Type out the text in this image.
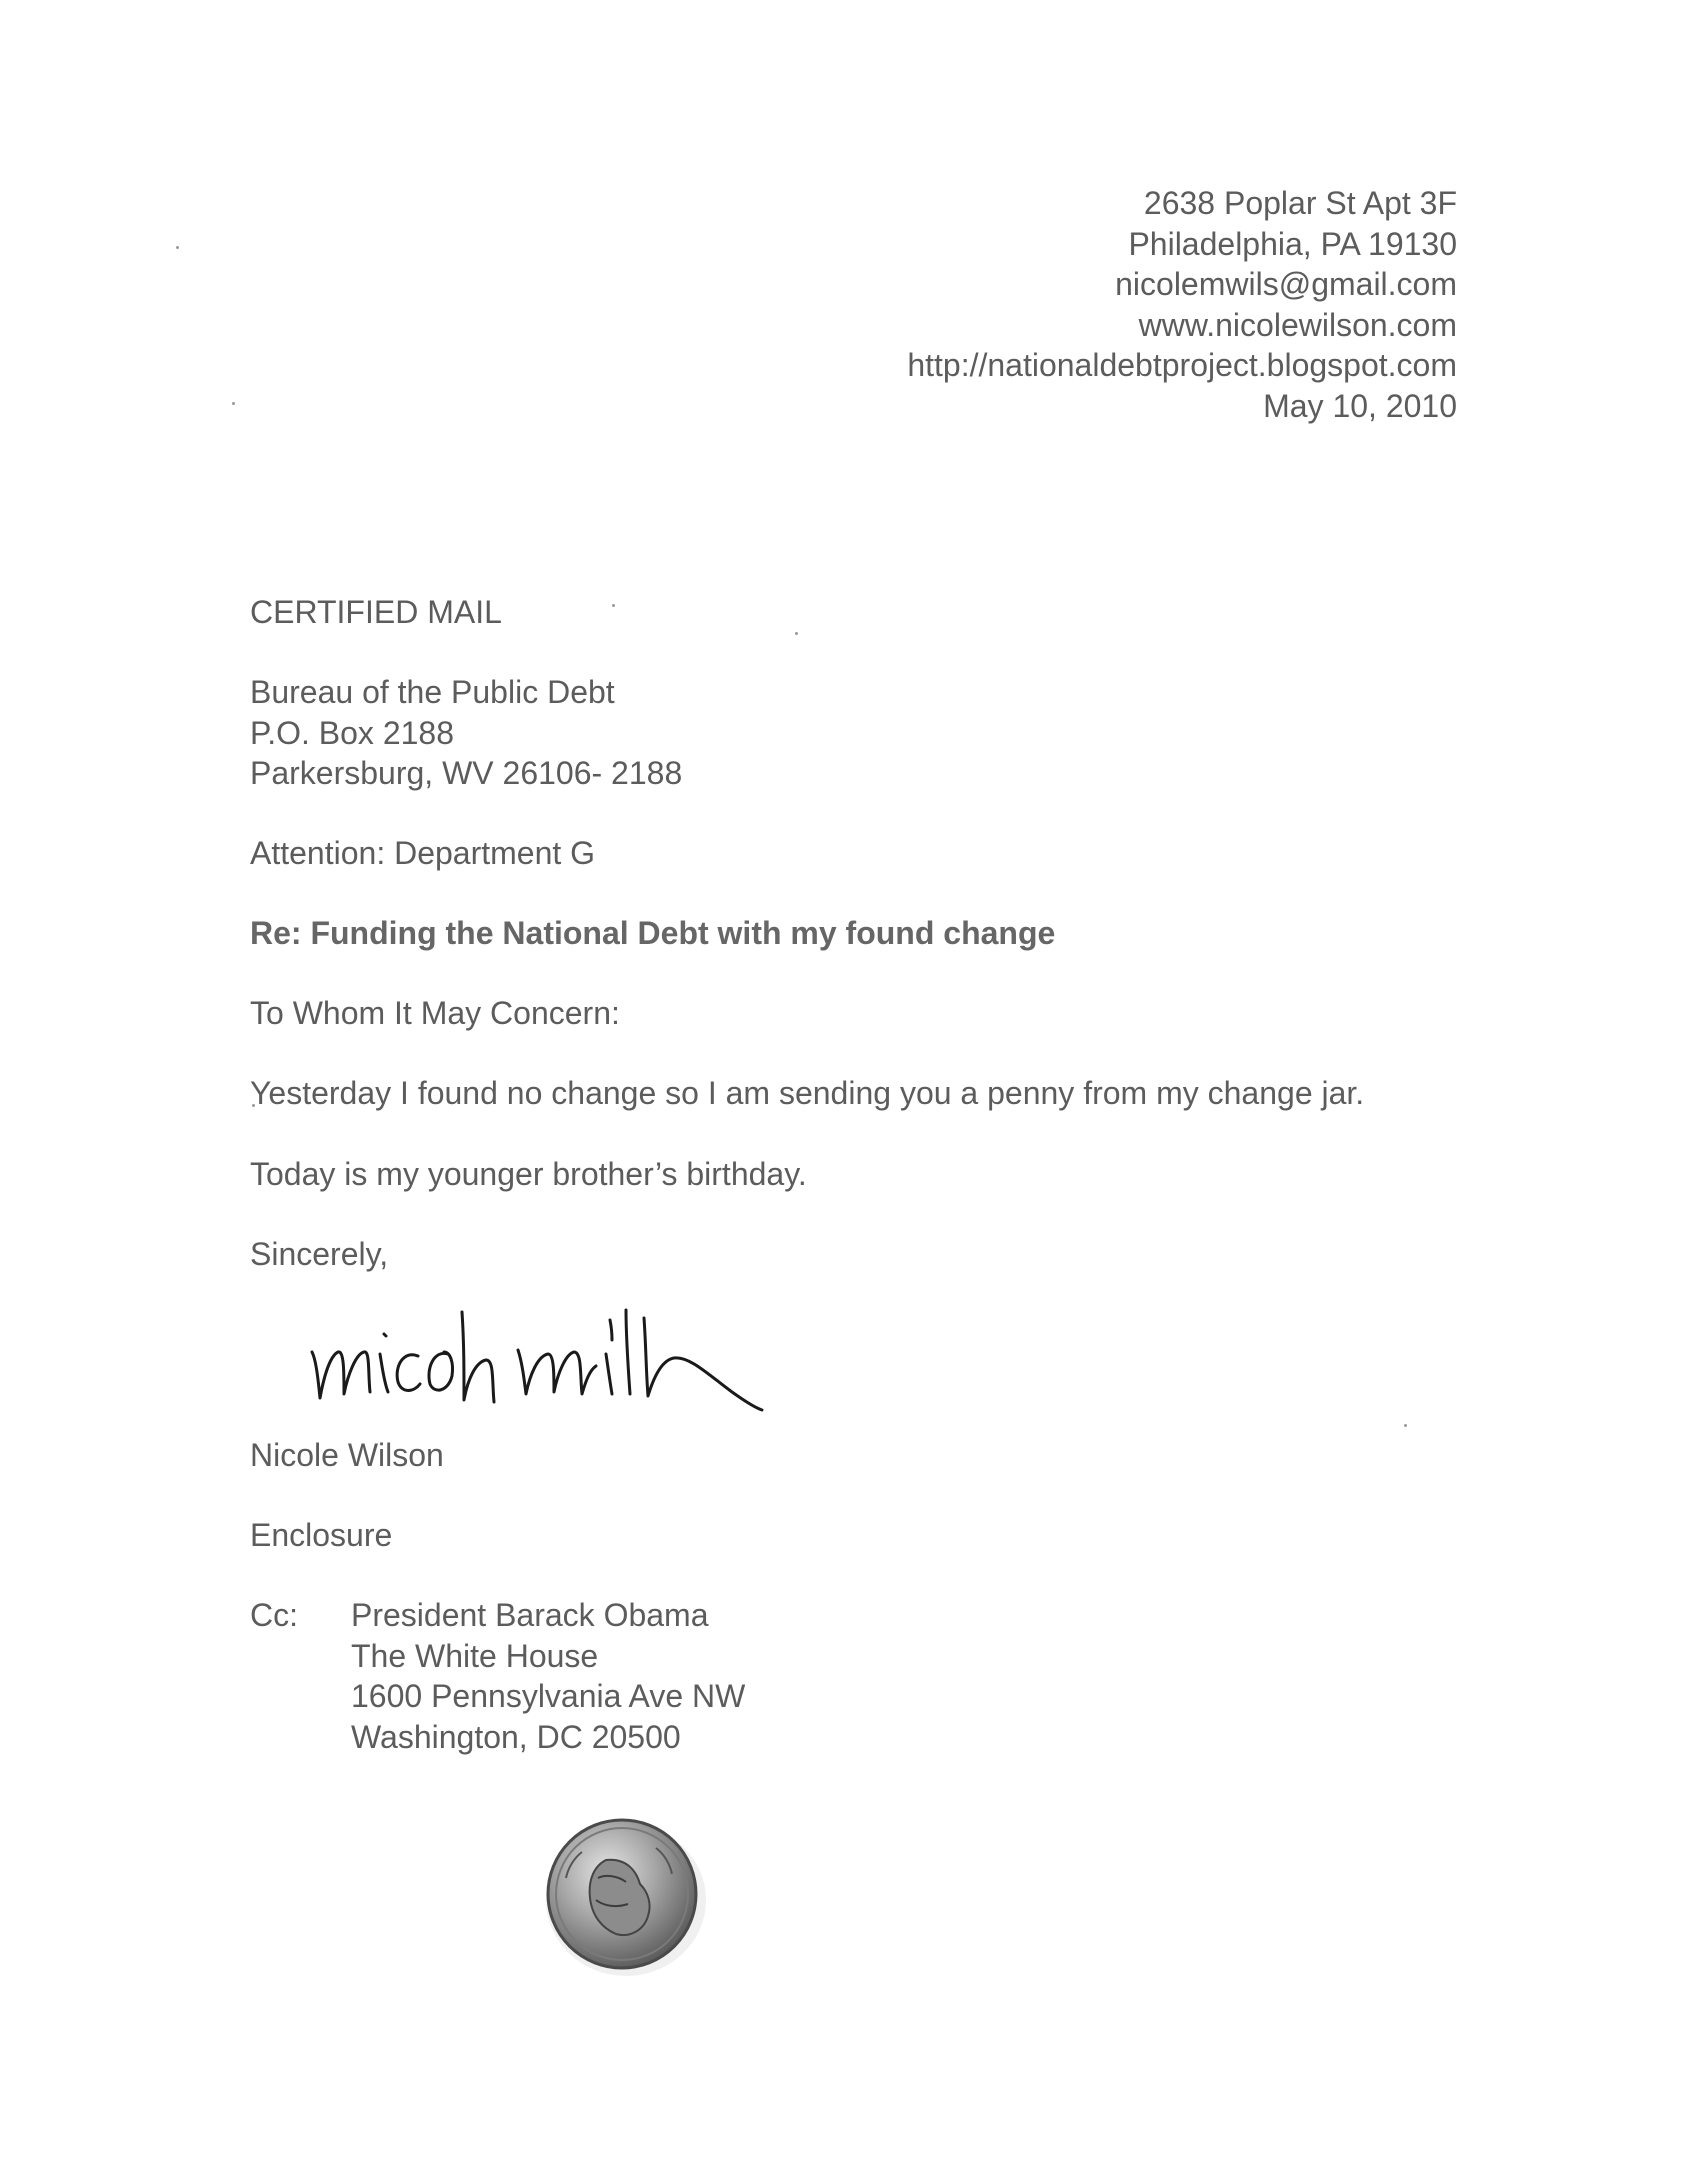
2638 Poplar St Apt 3F
Philadelphia, PA 19130
nicolemwils@gmail.com
www.nicolewilson.com
http://nationaldebtproject.blogspot.com
May 10, 2010
CERTIFIED MAIL
Bureau of the Public Debt
P.O. Box 2188
Parkersburg, WV 26106- 2188
Attention: Department G
Re: Funding the National Debt with my found change
To Whom It May Concern:
Yesterday I found no change so I am sending you a penny from my change jar.
Today is my younger brother’s birthday.
Sincerely,
Nicole Wilson
Enclosure
Cc: President Barack Obama
The White House
1600 Pennsylvania Ave NW
Washington, DC 20500
